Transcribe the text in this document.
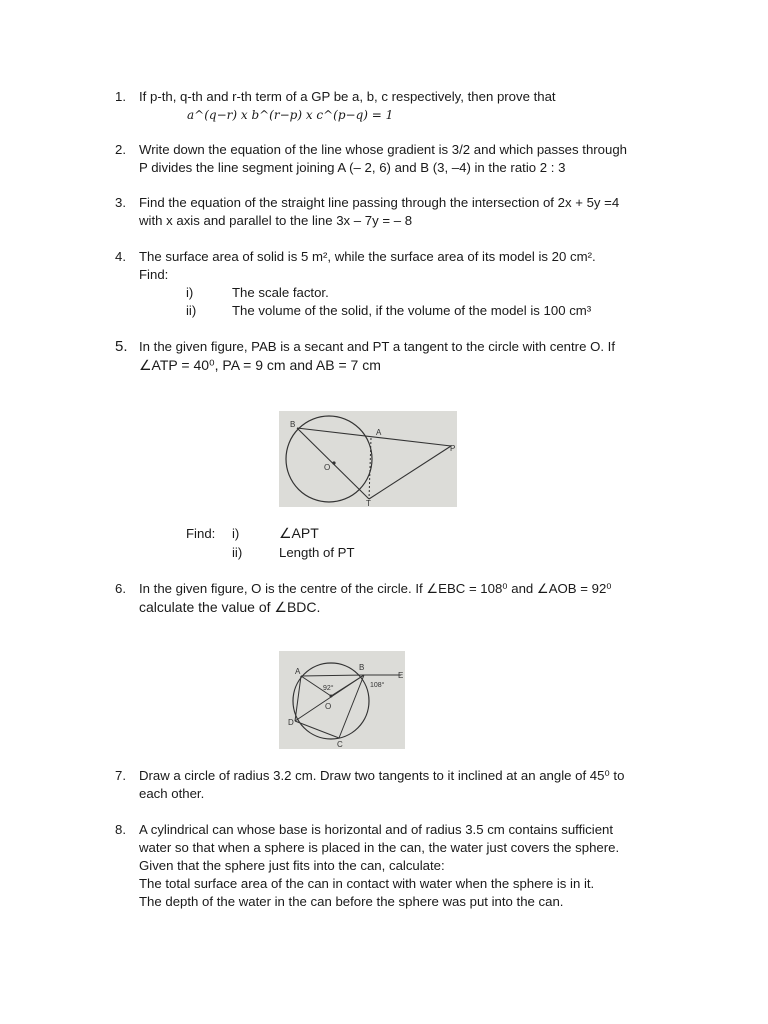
1. If p-th, q-th and r-th term of a GP be a, b, c respectively, then prove that
a^(q−r) x b^(r−p) x c^(p−q) = 1
2. Write down the equation of the line whose gradient is 3/2 and which passes through
P divides the line segment joining A (– 2, 6) and B (3, –4) in the ratio 2 : 3
3. Find the equation of the straight line passing through the intersection of 2x + 5y =4
with x axis and parallel to the line 3x – 7y = – 8
4. The surface area of solid is 5 m², while the surface area of its model is 20 cm².
Find:
i)	The scale factor.
ii)	The volume of the solid, if the volume of the model is 100 cm³
5. In the given figure, PAB is a secant and PT a tangent to the circle with centre O. If
∠ATP = 40⁰, PA = 9 cm and AB = 7 cm
B
A
P
O
T
Find: i)	∠APT
ii)	Length of PT
6. In the given figure, O is the centre of the circle. If ∠EBC = 108⁰ and ∠AOB = 92⁰
calculate the value of ∠BDC.
A	B
E
O
D
C
92°	108°
7. Draw a circle of radius 3.2 cm. Draw two tangents to it inclined at an angle of 45⁰ to
each other.
8. A cylindrical can whose base is horizontal and of radius 3.5 cm contains sufficient
water so that when a sphere is placed in the can, the water just covers the sphere.
Given that the sphere just fits into the can, calculate:
The total surface area of the can in contact with water when the sphere is in it.
The depth of the water in the can before the sphere was put into the can.
